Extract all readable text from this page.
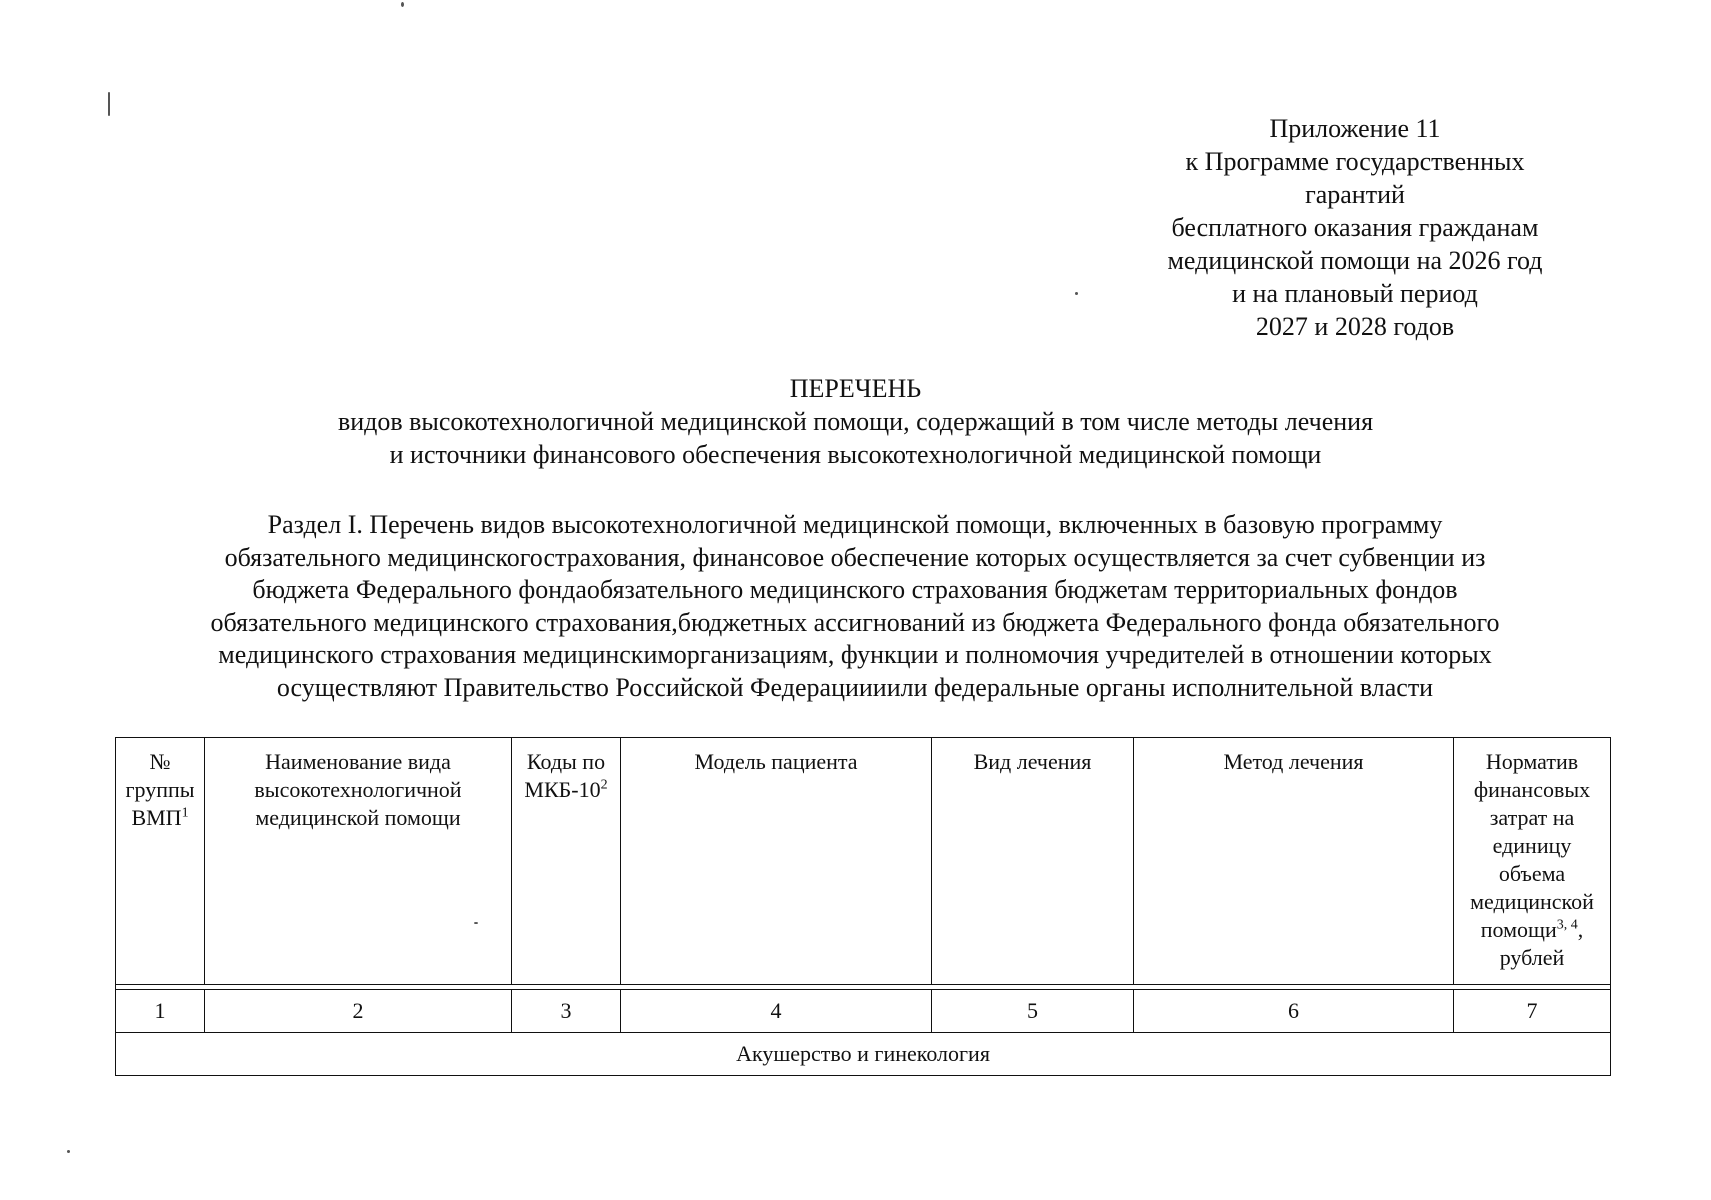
Приложение 11
к Программе государственных
гарантий
бесплатного оказания гражданам
медицинской помощи на 2026 год
и на плановый период
2027 и 2028 годов
ПЕРЕЧЕНЬ
видов высокотехнологичной медицинской помощи, содержащий в том числе методы лечения
и источники финансового обеспечения высокотехнологичной медицинской помощи
Раздел I. Перечень видов высокотехнологичной медицинской помощи, включенных в базовую программу
обязательного медицинскогострахования, финансовое обеспечение которых осуществляется за счет субвенции из
бюджета Федерального фондаобязательного медицинского страхования бюджетам территориальных фондов
обязательного медицинского страхования,бюджетных ассигнований из бюджета Федерального фонда обязательного
медицинского страхования медицинскиморганизациям, функции и полномочия учредителей в отношении которых
осуществляют Правительство Российской Федерациииили федеральные органы исполнительной власти
№ группы ВМП$^1$	Наименование вида высокотехнологичной медицинской помощи	Коды по МКБ-$10^2$	Модель пациента	Вид лечения	Метод лечения	Норматив финансовых затрат на единицу объема медицинской помощи$^{3, 4}$, рублей

1	2	3	4	5	6	7
Акушерство и гинекология						
